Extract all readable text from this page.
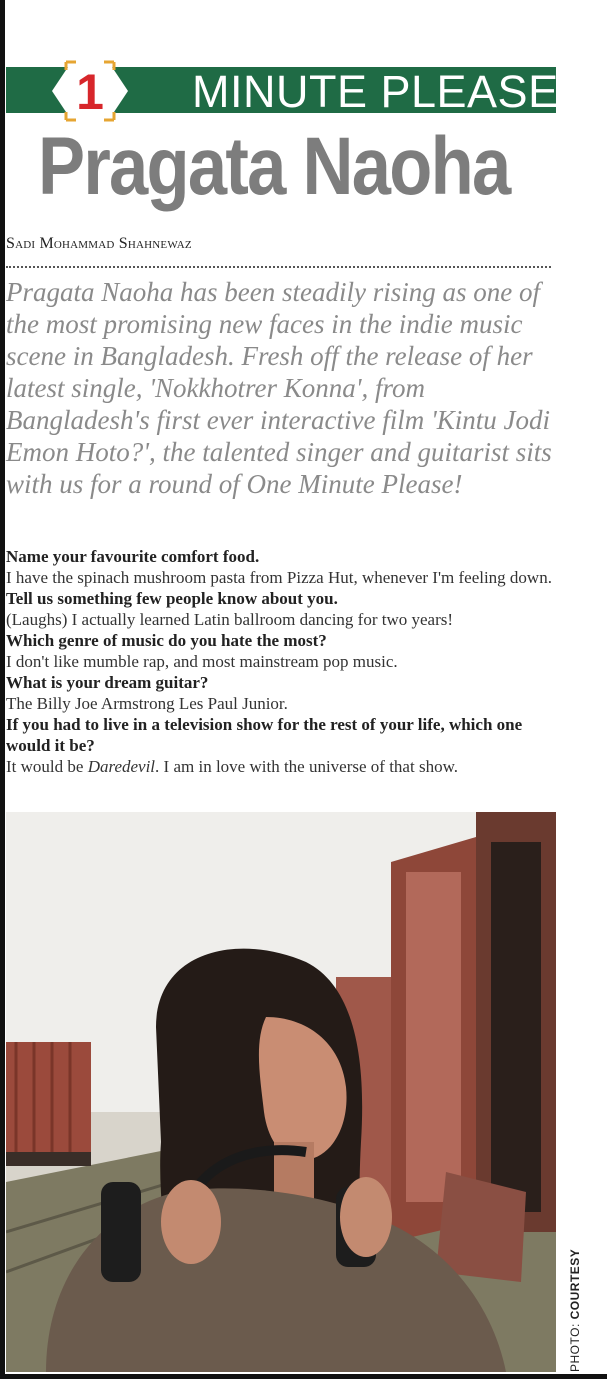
MINUTE PLEASE
1
Pragata Naoha
Sadi Mohammad Shahnewaz

Pragata Naoha has been steadily rising as one of the most promising new faces in the indie music scene in Bangladesh. Fresh off the release of her latest single, 'Nokkhotrer Konna', from Bangladesh's first ever interactive film 'Kintu Jodi Emon Hoto?', the talented singer and guitarist sits with us for a round of One Minute Please!

Name your favourite comfort food.
I have the spinach mushroom pasta from Pizza Hut, whenever I'm feeling down.
Tell us something few people know about you.
(Laughs) I actually learned Latin ballroom dancing for two years!
Which genre of music do you hate the most?
I don't like mumble rap, and most mainstream pop music.
What is your dream guitar?
The Billy Joe Armstrong Les Paul Junior.
If you had to live in a television show for the rest of your life, which one would it be?
It would be Daredevil. I am in love with the universe of that show.
PHOTO: COURTESY
